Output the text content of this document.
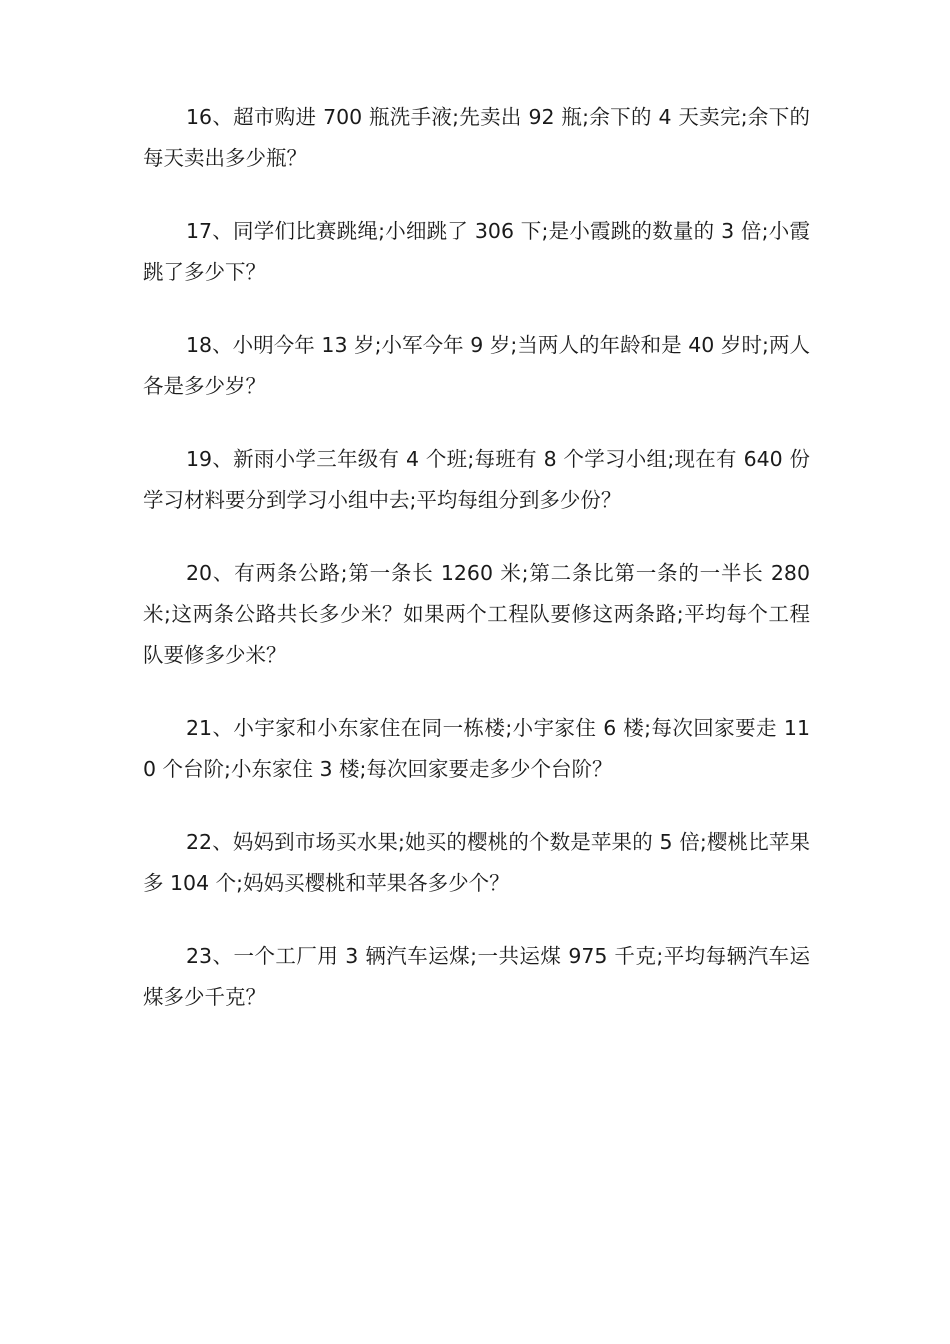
16、超市购进 700 瓶洗手液;先卖出 92 瓶;余下的 4 天卖完;余下的每天卖出多少瓶？

17、同学们比赛跳绳;小细跳了 306 下;是小霞跳的数量的 3 倍;小霞跳了多少下？

18、小明今年 13 岁;小军今年 9 岁;当两人的年龄和是 40 岁时;两人各是多少岁？

19、新雨小学三年级有 4 个班;每班有 8 个学习小组;现在有 640 份学习材料要分到学习小组中去;平均每组分到多少份？

20、有两条公路;第一条长 1260 米;第二条比第一条的一半长 280 米;这两条公路共长多少米？如果两个工程队要修这两条路;平均每个工程队要修多少米？

21、小宇家和小东家住在同一栋楼;小宇家住 6 楼;每次回家要走 110 个台阶;小东家住 3 楼;每次回家要走多少个台阶？

22、妈妈到市场买水果;她买的樱桃的个数是苹果的 5 倍;樱桃比苹果多 104 个;妈妈买樱桃和苹果各多少个？

23、一个工厂用 3 辆汽车运煤;一共运煤 975 千克;平均每辆汽车运煤多少千克？
